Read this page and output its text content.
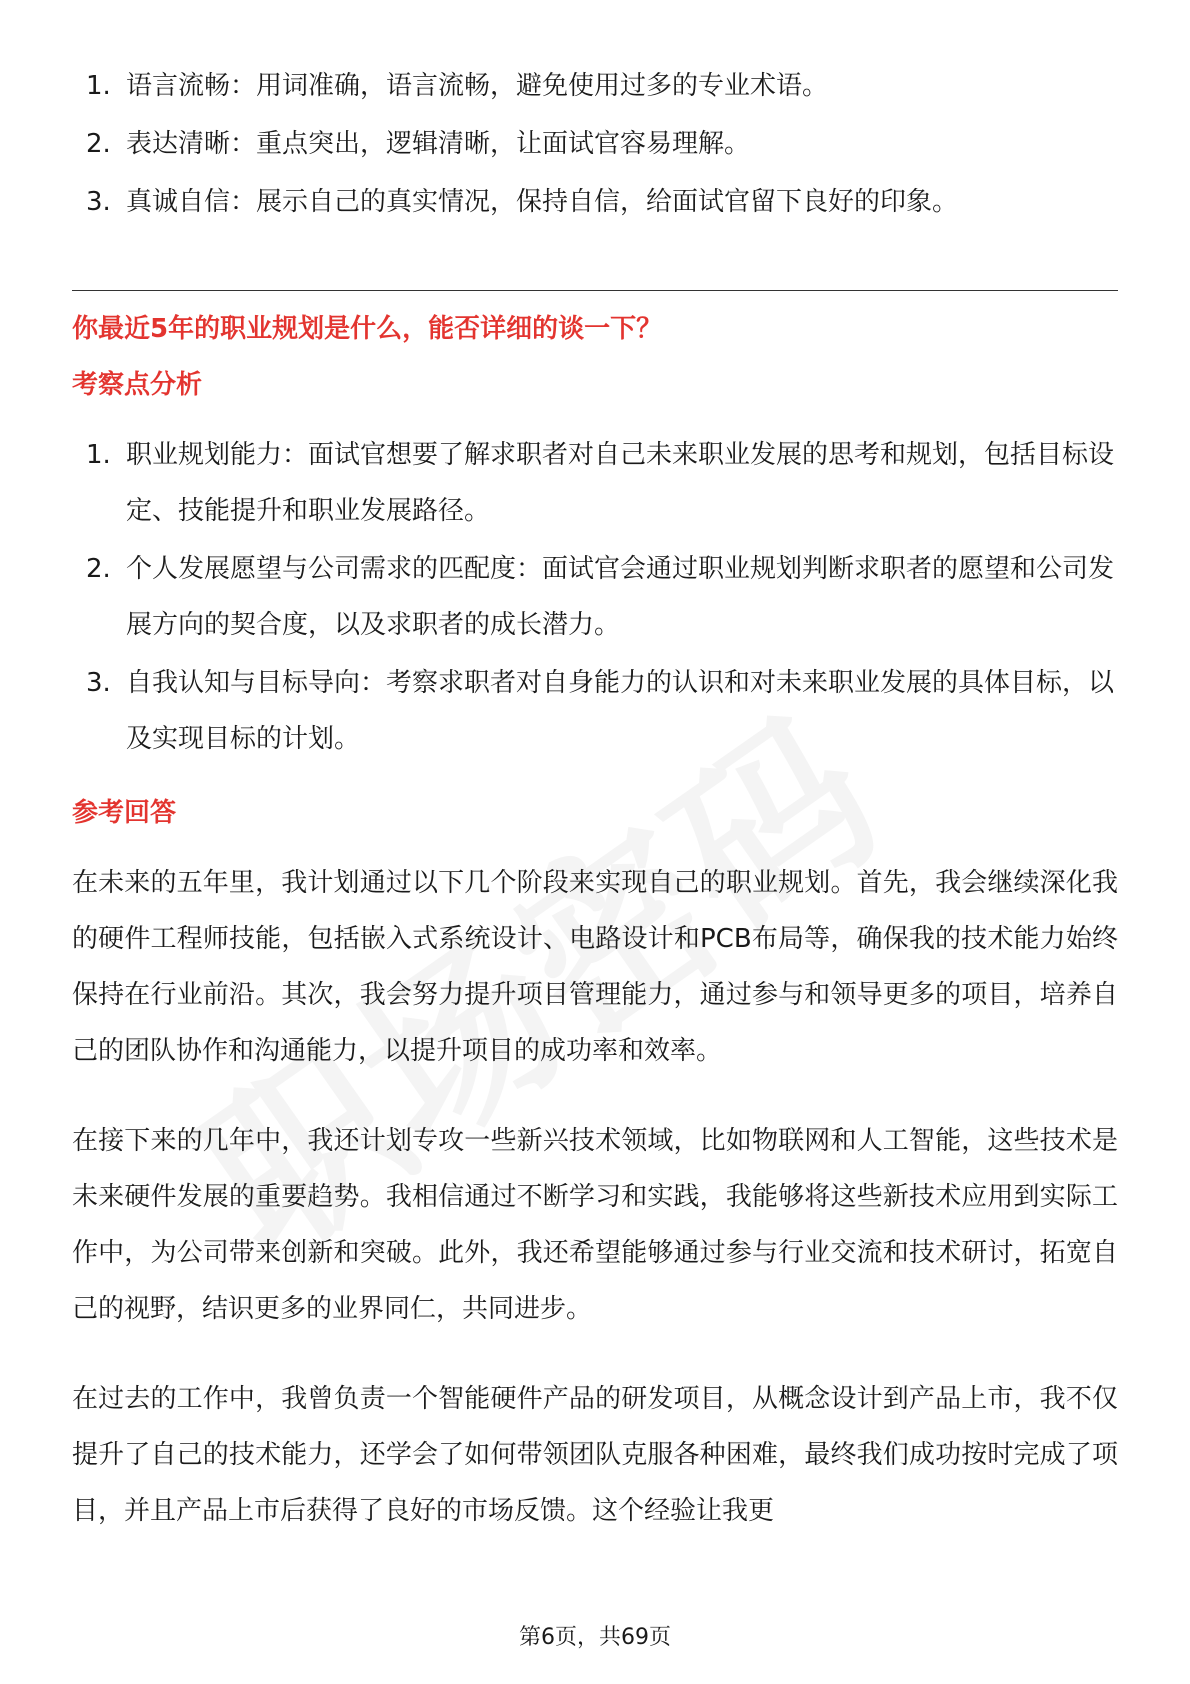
1. 语言流畅：用词准确，语言流畅，避免使用过多的专业术语。
2. 表达清晰：重点突出，逻辑清晰，让面试官容易理解。
3. 真诚自信：展示自己的真实情况，保持自信，给面试官留下良好的印象。
你最近5年的职业规划是什么，能否详细的谈一下？
考察点分析
1. 职业规划能力：面试官想要了解求职者对自己未来职业发展的思考和规划，包括目标设定、技能提升和职业发展路径。
2. 个人发展愿望与公司需求的匹配度：面试官会通过职业规划判断求职者的愿望和公司发展方向的契合度，以及求职者的成长潜力。
3. 自我认知与目标导向：考察求职者对自身能力的认识和对未来职业发展的具体目标，以及实现目标的计划。
参考回答

在未来的五年里，我计划通过以下几个阶段来实现自己的职业规划。首先，我会继续深化我的硬件工程师技能，包括嵌入式系统设计、电路设计和PCB布局等，确保我的技术能力始终保持在行业前沿。其次，我会努力提升项目管理能力，通过参与和领导更多的项目，培养自己的团队协作和沟通能力，以提升项目的成功率和效率。

在接下来的几年中，我还计划专攻一些新兴技术领域，比如物联网和人工智能，这些技术是未来硬件发展的重要趋势。我相信通过不断学习和实践，我能够将这些新技术应用到实际工作中，为公司带来创新和突破。此外，我还希望能够通过参与行业交流和技术研讨，拓宽自己的视野，结识更多的业界同仁，共同进步。

在过去的工作中，我曾负责一个智能硬件产品的研发项目，从概念设计到产品上市，我不仅提升了自己的技术能力，还学会了如何带领团队克服各种困难，最终我们成功按时完成了项目，并且产品上市后获得了良好的市场反馈。这个经验让我更

第6页，共69页
